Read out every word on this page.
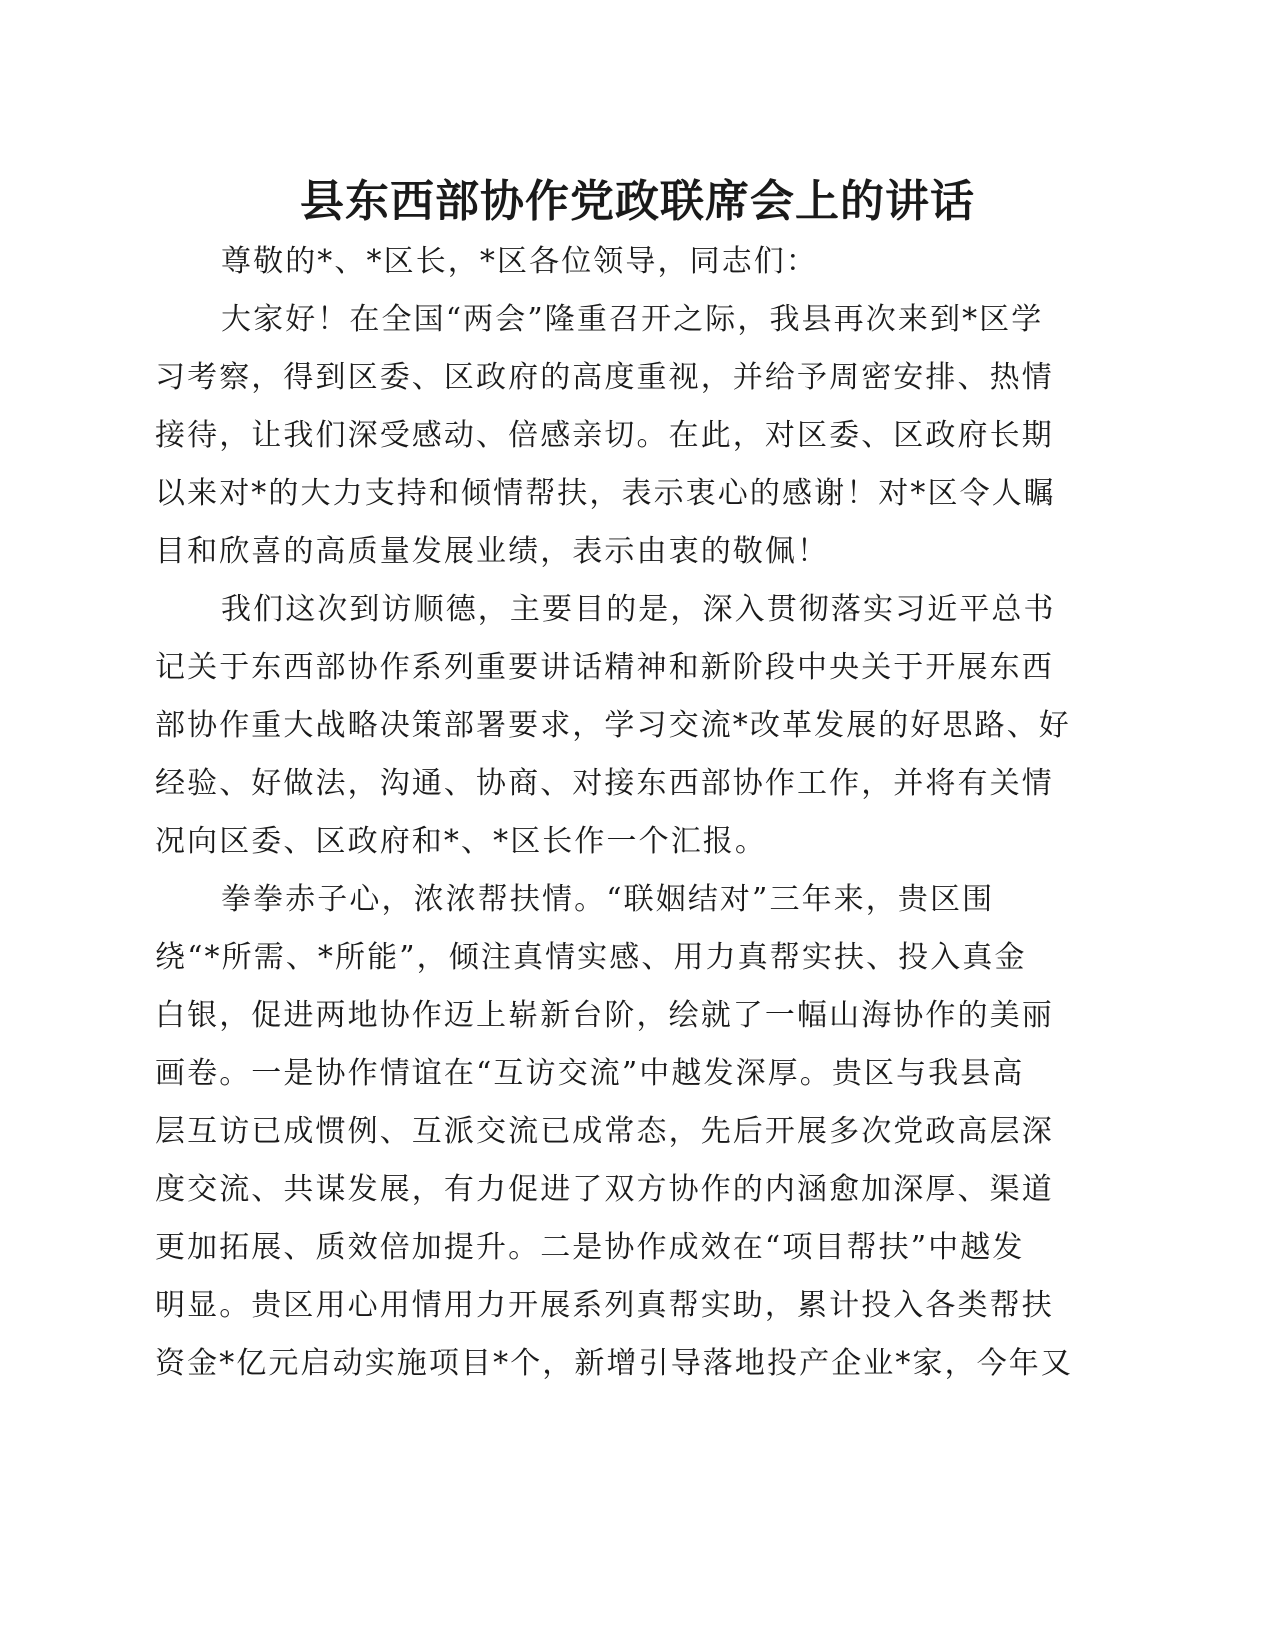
县东西部协作党政联席会上的讲话
尊敬的*、*区长，*区各位领导，同志们：
大家好！在全国“两会”隆重召开之际，我县再次来到*区学
习考察，得到区委、区政府的高度重视，并给予周密安排、热情
接待，让我们深受感动、倍感亲切。在此，对区委、区政府长期
以来对*的大力支持和倾情帮扶，表示衷心的感谢！对*区令人瞩
目和欣喜的高质量发展业绩，表示由衷的敬佩！
我们这次到访顺德，主要目的是，深入贯彻落实习近平总书
记关于东西部协作系列重要讲话精神和新阶段中央关于开展东西
部协作重大战略决策部署要求，学习交流*改革发展的好思路、好
经验、好做法，沟通、协商、对接东西部协作工作，并将有关情
况向区委、区政府和*、*区长作一个汇报。
拳拳赤子心，浓浓帮扶情。“联姻结对”三年来，贵区围
绕“*所需、*所能”，倾注真情实感、用力真帮实扶、投入真金
白银，促进两地协作迈上崭新台阶，绘就了一幅山海协作的美丽
画卷。一是协作情谊在“互访交流”中越发深厚。贵区与我县高
层互访已成惯例、互派交流已成常态，先后开展多次党政高层深
度交流、共谋发展，有力促进了双方协作的内涵愈加深厚、渠道
更加拓展、质效倍加提升。二是协作成效在“项目帮扶”中越发
明显。贵区用心用情用力开展系列真帮实助，累计投入各类帮扶
资金*亿元启动实施项目*个，新增引导落地投产企业*家，今年又
